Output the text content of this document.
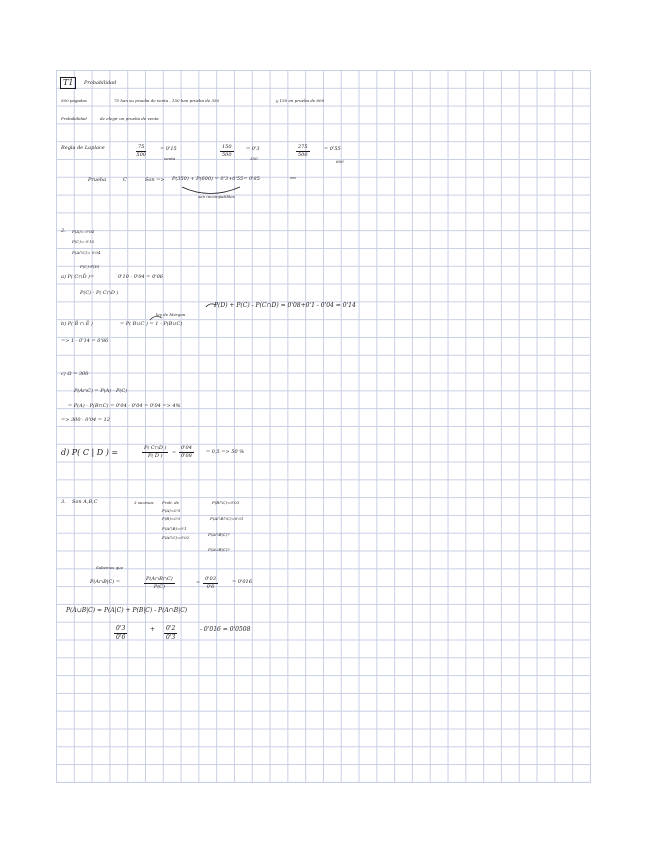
T1	Probabilidad
500 pagadas	75 han su prueba de venta , 150 han prueba de 350	y 150 en prueba de 600
Probabilidad	de elegir un prueba de venta
Regla de Laplace	$\frac{75}{500}$	= 0'15
venta
$\frac{150}{500} = 0'3$
350
$\frac{275}{500}$	= 0'55
600
Prueba	C	Son => P(350) + P(600) = 0'3+0'55= 0'85
son incompatibles
2. P(A)= 0'04
P(C)= 0'10
P(A∩C)= 0'04
P(C)-P(D)
a) P( C∩D̄ )=	0'10 - 0'04 = 0'06
P(C) - P( C∩D )
P(D) + P(C) - P(C∩D) = 0'08+0'1 - 0'04 = 0'14
b) P( B̄ ∩ Ē )
ley de Morgan
= P( B∪C ) = 1 - P(B∪C)
=> 1 - 0'14 = 0'86
c) Ω = 300
P(A∩C) = P(A) - P(C)
= P(A) - P(B∩C) = 0'04 - 0'04 = 0'04 => 4%
=> 300 · 0'04 = 12
d) P( C | D ) =	$\frac{P( C\cap D )}{P( D )} = \frac{0'04}{0'08} = 0,5 => 50$ %
3. Son A,B,C	3 sucesos Prob. de
P(A)=0'5
P(B)=0'3
P(A∩B)=0'1
P(A∩C)=0'02
P(B∩C)=0'03
P(A∩B∩C)=0'01
P(A∩B|C)?
P(A∪B|C)?
Sabemos que
P(A∩B|C) =	$\frac{P(A\cap B\cap C)}{P(C)}$	= $\frac{0'03}{0'6}$	= 0'016
P(A∪B|C) = P(A|C) + P(B|C) - P(A∩B|C)
$\frac{0'3}{0'6}$	+ $\frac{0'2}{0'3}$	- 0'016 = 0'0508
